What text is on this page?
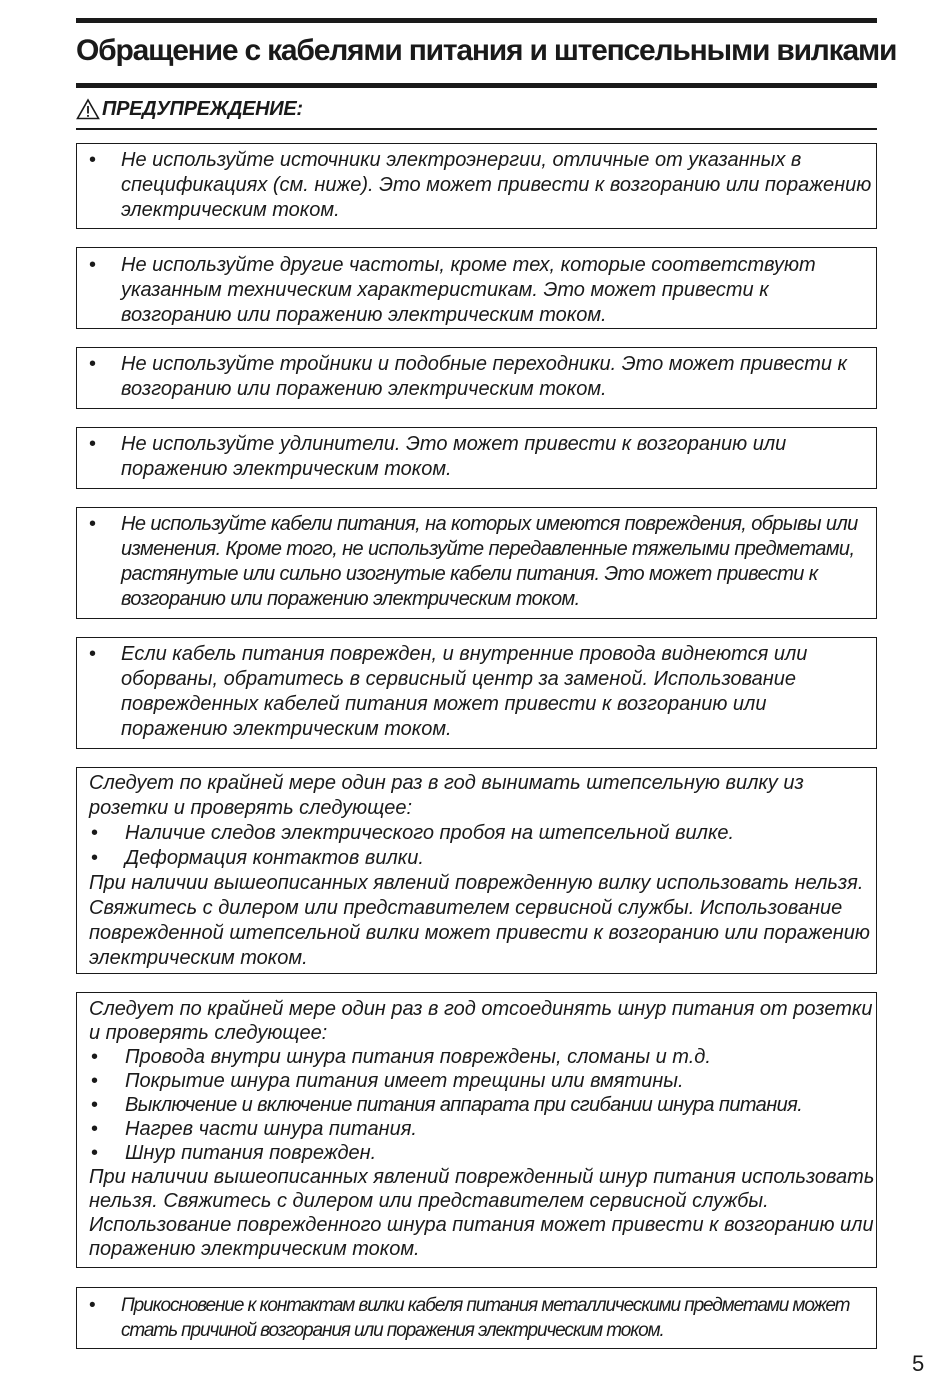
Обращение с кабелями питания и штепсельными вилками
ПРЕДУПРЕЖДЕНИЕ:
• Не используйте источники электроэнергии, отличные от указанных в спецификациях (см. ниже). Это может привести к возгоранию или поражению электрическим током.
• Не используйте другие частоты, кроме тех, которые соответствуют указанным техническим характеристикам. Это может привести к возгоранию или поражению электрическим током.
• Не используйте тройники и подобные переходники. Это может привести к возгоранию или поражению электрическим током.
• Не используйте удлинители. Это может привести к возгоранию или поражению электрическим током.
• Не используйте кабели питания, на которых имеются повреждения, обрывы или изменения. Кроме того, не используйте передавленные тяжелыми предметами, растянутые или сильно изогнутые кабели питания. Это может привести к возгоранию или поражению электрическим током.
• Если кабель питания поврежден, и внутренние провода виднеются или оборваны, обратитесь в сервисный центр за заменой. Использование поврежденных кабелей питания может привести к возгоранию или поражению электрическим током.
Следует по крайней мере один раз в год вынимать штепсельную вилку из розетки и проверять следующее:
• Наличие следов электрического пробоя на штепсельной вилке.
• Деформация контактов вилки.
При наличии вышеописанных явлений поврежденную вилку использовать нельзя. Свяжитесь с дилером или представителем сервисной службы. Использование поврежденной штепсельной вилки может привести к возгоранию или поражению электрическим током.
Следует по крайней мере один раз в год отсоединять шнур питания от розетки и проверять следующее:
• Провода внутри шнура питания повреждены, сломаны и т.д.
• Покрытие шнура питания имеет трещины или вмятины.
• Выключение и включение питания аппарата при сгибании шнура питания.
• Нагрев части шнура питания.
• Шнур питания поврежден.
При наличии вышеописанных явлений поврежденный шнур питания использовать нельзя. Свяжитесь с дилером или представителем сервисной службы. Использование поврежденного шнура питания может привести к возгоранию или поражению электрическим током.
• Прикосновение к контактам вилки кабеля питания металлическими предметами может стать причиной возгорания или поражения электрическим током.
5
